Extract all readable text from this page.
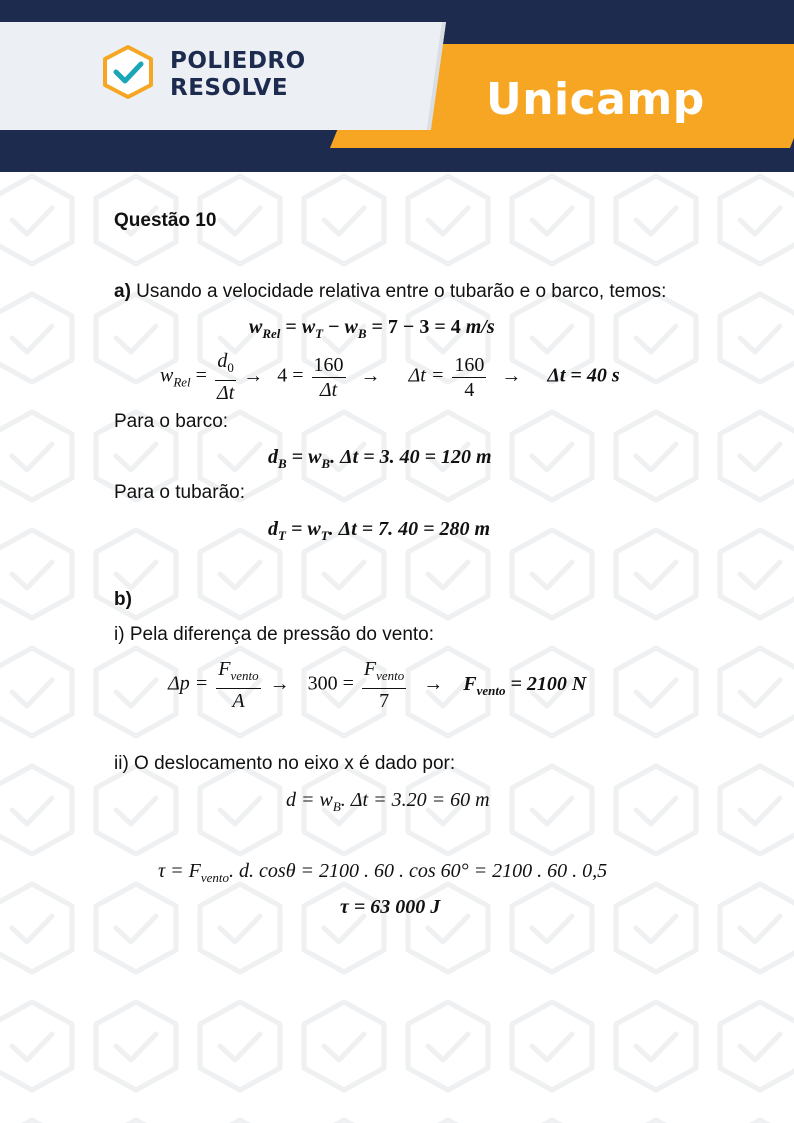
POLIEDRO
RESOLVE	Unicamp
Questão 10
a) Usando a velocidade relativa entre o tubarão e o barco, temos:
$w_{Rel} = w_T - w_B = 7 - 3 = 4$ m/s
$w_{Rel} = \frac{d_0}{\Delta t} \to 4 = \frac{160}{\Delta t} \to \Delta t = \frac{160}{4} \to \Delta t = 40$ s
Para o barco:
$d_B = w_B$. Δt = 3. 40 = 120 m
Para o tubarão:
$d_T = w_T$. Δt = 7. 40 = 280 m
b)
i) Pela diferença de pressão do vento:
$\Delta p = \frac{F_{vento}}{A} \to 300 = \frac{F_{vento}}{7} \to F_{vento} = 2100$ N
ii) O deslocamento no eixo x é dado por:
$d = w_B$. Δt = 3.20 = 60 m
$\tau = F_{vento}$. d. cosθ = 2100 . 60 . cos 60° = 2100 . 60 . 0,5
τ = 63 000 J
